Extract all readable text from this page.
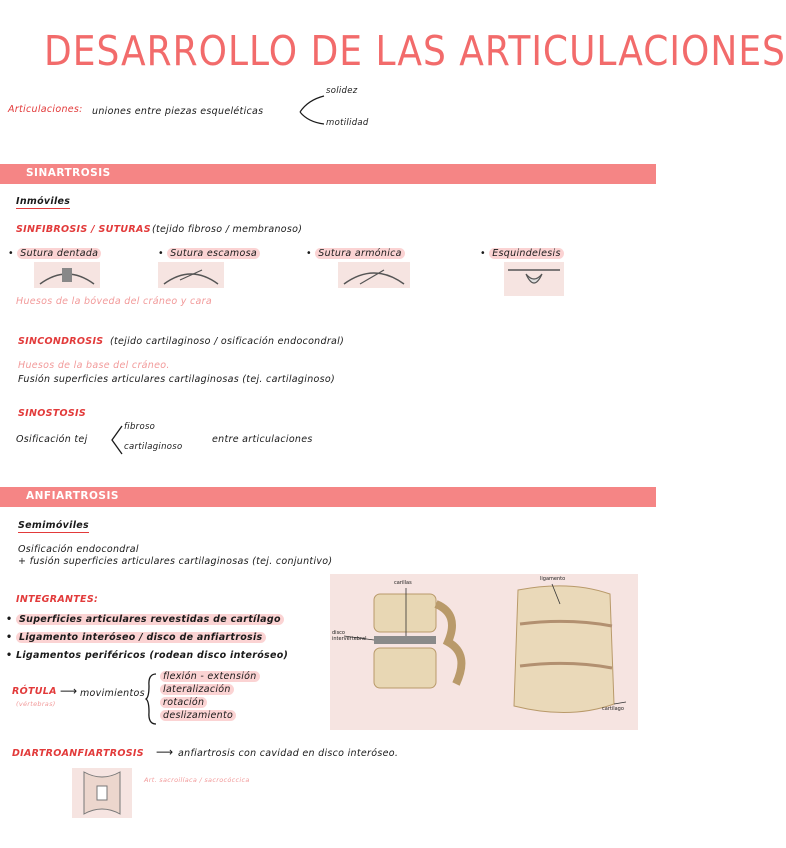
DESARROLLO DE LAS ARTICULACIONES
Articulaciones: uniones entre piezas esqueléticas
solidez
motilidad
SINARTROSIS
Inmóviles
SINFIBROSIS / SUTURAS (tejido fibroso / membranoso)
• Sutura dentada	• Sutura escamosa	• Sutura armónica	• Esquindelesis
Huesos de la bóveda del cráneo y cara
SINCONDROSIS (tejido cartilaginoso / osificación endocondral)
Huesos de la base del cráneo.
Fusión superficies articulares cartilaginosas (tej. cartilaginoso)
SINOSTOSIS
Osificación tej
fibroso
cartilaginoso
entre articulaciones
ANFIARTROSIS
Semimóviles
Osificación endocondral
+ fusión superficies articulares cartilaginosas (tej. conjuntivo)
INTEGRANTES:
• Superficies articulares revestidas de cartílago
• Ligamento interóseo / disco de anfiartrosis
• Ligamentos periféricos (rodean disco interóseo)
RÓTULA
(vértebras)
⟶ movimientos
flexión - extensión
lateralización
rotación
deslizamiento
DIARTROANFIARTROSIS ⟶ anfiartrosis con cavidad en disco interóseo.
Art. sacroilíaca / sacrocóccica
carillas
disco intervertebral
ligamento
cartílago
